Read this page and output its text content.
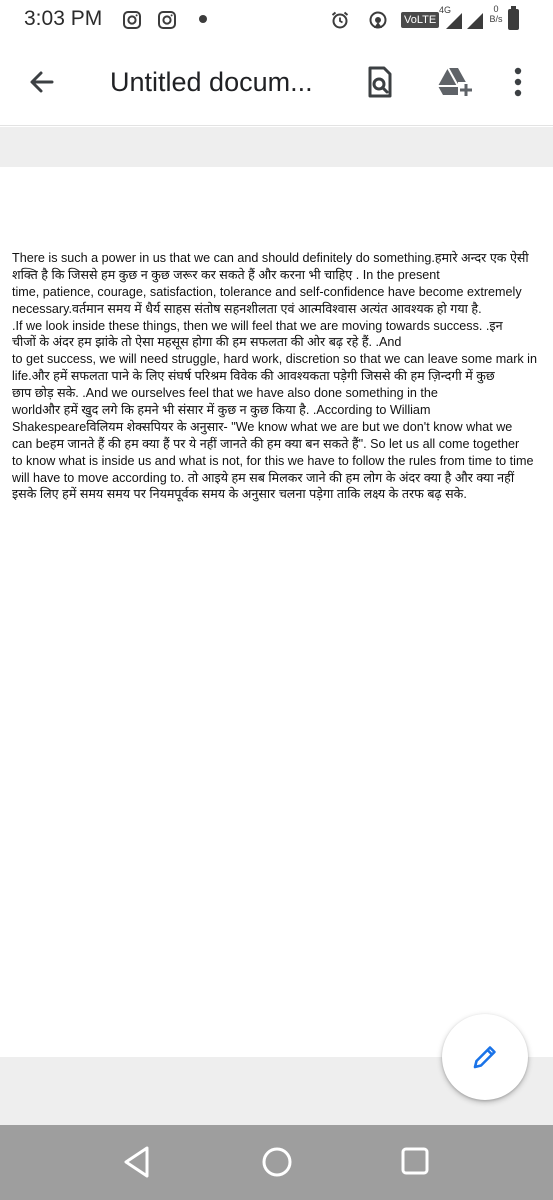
3:03 PM	VoLTE
4G	0
B/s
Untitled docum...
There is such a power in us that we can and should definitely do something.हमारे अन्दर एक ऐसी
शक्ति है कि जिससे हम कुछ न कुछ जरूर कर सकते हैं और करना भी चाहिए . In the present
time, patience, courage, satisfaction, tolerance and self-confidence have become extremely
necessary.वर्तमान समय में धैर्य साहस संतोष सहनशीलता एवं आत्मविश्वास अत्यंत आवश्यक हो गया है.
.If we look inside these things, then we will feel that we are moving towards success. .इन
चीजों के अंदर हम झांके तो ऐसा महसूस होगा की हम सफलता की ओर बढ़ रहे हैं. .And
to get success, we will need struggle, hard work, discretion so that we can leave some mark in
life.और हमें सफलता पाने के लिए संघर्ष परिश्रम विवेक की आवश्यकता पड़ेगी जिससे की हम ज़िन्दगी में कुछ
छाप छोड़ सके. .And we ourselves feel that we have also done something in the
worldऔर हमें खुद लगे कि हमने भी संसार में कुछ न कुछ किया है. .According to William
Shakespeareविलियम शेक्सपियर के अनुसार- "We know what we are but we don't know what we
can beहम जानते हैं की हम क्या हैं पर ये नहीं जानते की हम क्या बन सकते हैं". So let us all come together
to know what is inside us and what is not, for this we have to follow the rules from time to time
will have to move according to. तो आइये हम सब मिलकर जाने की हम लोग के अंदर क्या है और क्या नहीं
इसके लिए हमें समय समय पर नियमपूर्वक समय के अनुसार चलना पड़ेगा ताकि लक्ष्य के तरफ बढ़ सके.
